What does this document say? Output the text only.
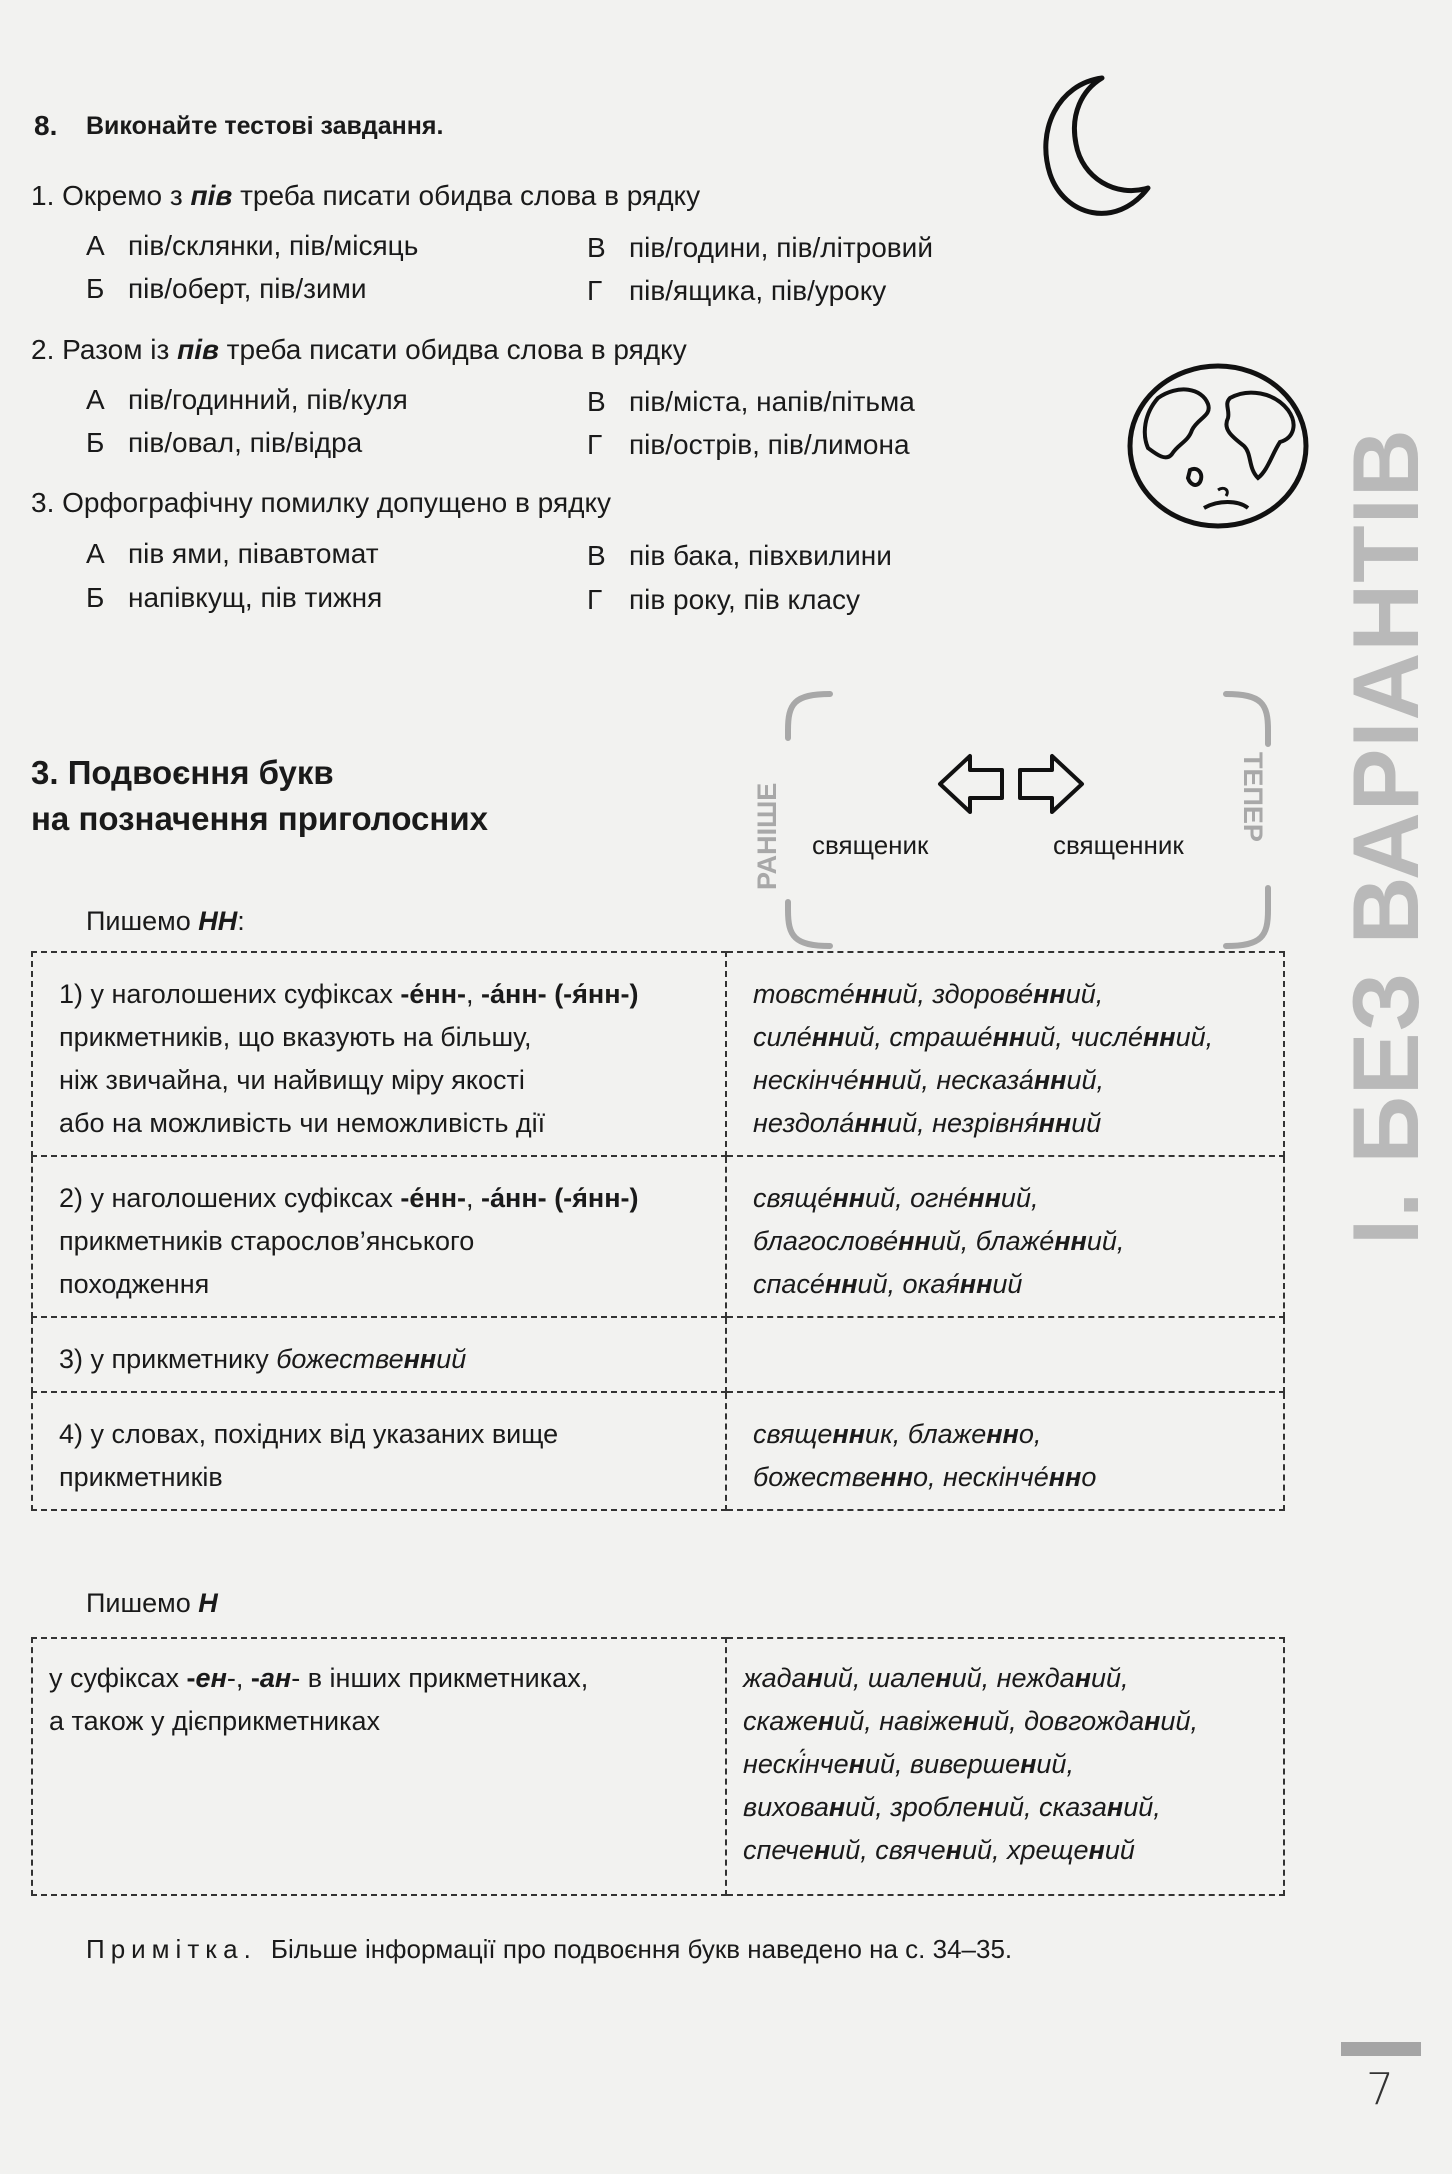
8. Виконайте тестові завдання.
1. Окремо з пів треба писати обидва слова в рядку
А пів/склянки, пів/місяць
Б пів/оберт, пів/зими
В пів/години, пів/літровий
Г пів/ящика, пів/уроку
2. Разом із пів треба писати обидва слова в рядку
А пів/годинний, пів/куля
Б пів/овал, пів/відра
В пів/міста, напів/пітьма
Г пів/острів, пів/лимона
3. Орфографічну помилку допущено в рядку
А пів ями, півавтомат
Б напівкущ, пів тижня
В пів бака, півхвилини
Г пів року, пів класу	І. БЕЗ ВАРІАНТІВ
3. Подвоєння букв
на позначення приголосних	РАНІШЕ	ТЕПЕР
священик	священник
Пишемо НН:
1) у наголошених суфіксах -е́нн-, -а́нн- (-я́нн-)
прикметників, що вказують на більшу,
ніж звичайна, чи найвищу міру якості
або на можливість чи неможливість дії	товсте́нний, здорове́нний,
силе́нний, страше́нний, числе́нний,
нескінче́нний, несказа́нний,
нездола́нний, незрівня́нний
2) у наголошених суфіксах -е́нн-, -а́нн- (-я́нн-)
прикметників старослов’янського
походження	свяще́нний, огне́нний,
благослове́нний, блаже́нний,
спасе́нний, окая́нний
3) у прикметнику божественний	
4) у словах, похідних від указаних вище
прикметників	священник, блаженно,
божественно, нескінче́нно
Пишемо Н
у суфіксах -ен-, -ан- в інших прикметниках,
а також у дієприкметниках	жаданий, шалений, нежданий,
скажений, навіжений, довгожданий,
нескі́нчений, вивершений,
вихований, зроблений, сказаний,
спечений, свячений, хрещений
Примітка. Більше інформації про подвоєння букв наведено на с. 34–35.
7
